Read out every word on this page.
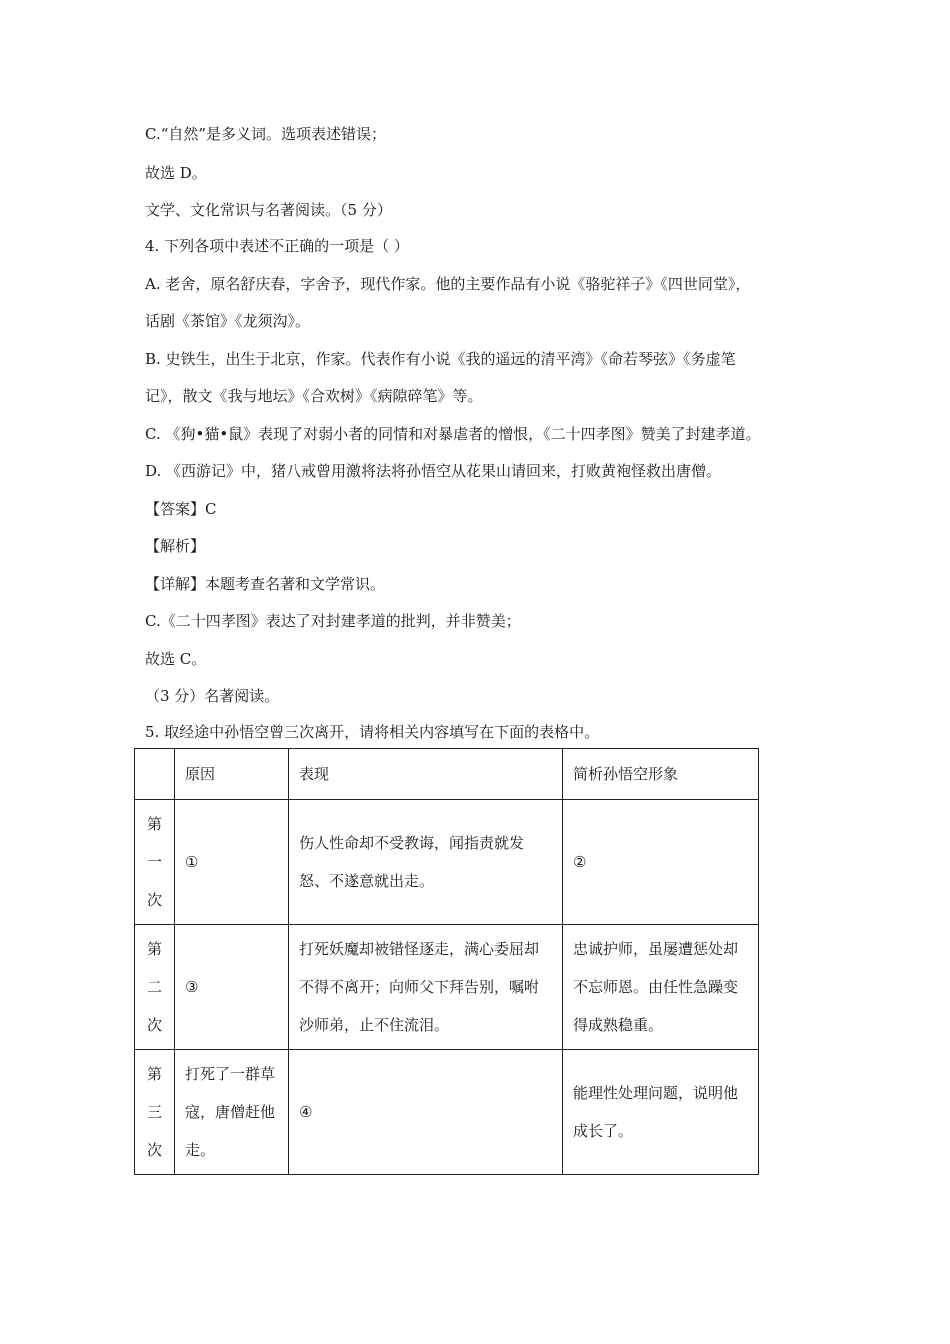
C.“自然”是多义词。选项表述错误；
故选 D。
文学、文化常识与名著阅读。（5 分）
4. 下列各项中表述不正确的一项是（ ）
A. 老舍，原名舒庆春，字舍予，现代作家。他的主要作品有小说《骆驼祥子》《四世同堂》，
话剧《茶馆》《龙须沟》。
B. 史铁生，出生于北京，作家。代表作有小说《我的遥远的清平湾》《命若琴弦》《务虚笔
记》，散文《我与地坛》《合欢树》《病隙碎笔》等。
C. 《狗•猫•鼠》表现了对弱小者的同情和对暴虐者的憎恨，《二十四孝图》赞美了封建孝道。
D. 《西游记》中，猪八戒曾用激将法将孙悟空从花果山请回来，打败黄袍怪救出唐僧。
【答案】C
【解析】
【详解】本题考查名著和文学常识。
C.《二十四孝图》表达了对封建孝道的批判，并非赞美；
故选 C。
（3 分）名著阅读。
5. 取经途中孙悟空曾三次离开，请将相关内容填写在下面的表格中。
	原因	表现	简析孙悟空形象

第
一
次	①	伤人性命却不受教诲，闻指责就发怒、不遂意就出走。	②

第
二
次	③	打死妖魔却被错怪逐走，满心委屈却不得不离开；向师父下拜告别，嘱咐沙师弟，止不住流泪。	忠诚护师，虽屡遭惩处却不忘师恩。由任性急躁变得成熟稳重。

第
三
次	打死了一群草寇，唐僧赶他走。	④	能理性处理问题，说明他成长了。
